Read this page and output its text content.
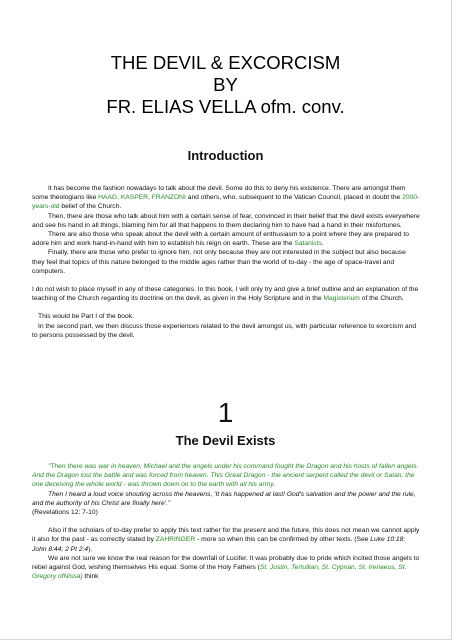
THE DEVIL & EXCORCISM
BY
FR. ELIAS VELLA ofm. conv.
Introduction

It has become the fashion nowadays to talk about the devil. Some do this to deny his existence. There are amongst them some theologians like HAAG, KASPER, FRANZONI and others, who. subsequent to the Vatican Council, placed in doubt the 2000-years-old belief of the Church.

Then, there are those who talk about him with a certain sense of fear, convinced in their belief that the devil exists everywhere and see his hand in all things, blaming him for all that happens to them declaring him to have had a hand in their misfortunes.

There are also those who speak about the devil with a certain amount of enthusiasm to a point where they are prepared to adore him and work hand-in-hand with him to establish his reign on earth. These are the Satanists.

Finally, there are those who prefer to ignore him, not only because they are not interested in the subject but also because they feel that topics of this nature belonged to the middle ages rather than the world of to-day - the age of space-travel and computers.

I do not wish to place myself in any of these categories. In this book, I will only try and give a brief outline and an explanation of the teaching of the Church regarding its doctrine on the devil, as given in the Holy Scripture and in the Magisterium of the Church.

This would be Part I of the book.

In the second part, we then discuss those experiences related to the devil amongst us, with particular reference to exorcism and to persons possessed by the devil.

1
The Devil Exists

"Then there was war in heaven; Michael and the angels under his command fought the Dragon and his hosts of fallen angels. And the Dragon lost the battle and was forced from heaven. This Great Dragon - the ancient serpent called the devil or Satan, the one deceiving the whole world - was thrown down on to the earth with all his army.

Then I heard a loud voice shouting across the heavens, 'It has happened at last! God's salvation and the power and the rule, and the authority of his Christ are finally here'."

(Revelations 12: 7-10)

Also if the scholars of to-day prefer to apply this text rather for the present and the future, this does not mean we cannot apply it also for the past - as correctly stated by ZAHRINGER - more so when this can be confirmed by other texts. (See Luke 10:18; John 8:44; 2 Pt 2:4).

We are not sure we know the real reason for the downfall of Lucifer. It was probably due to pride which incited those angels to rebel against God, wishing themselves His equal. Some of the Holy Fathers (St. Justin, Tertullian, St. Cyprian, St. Irenaeus, St. Gregory ofNissa) think
